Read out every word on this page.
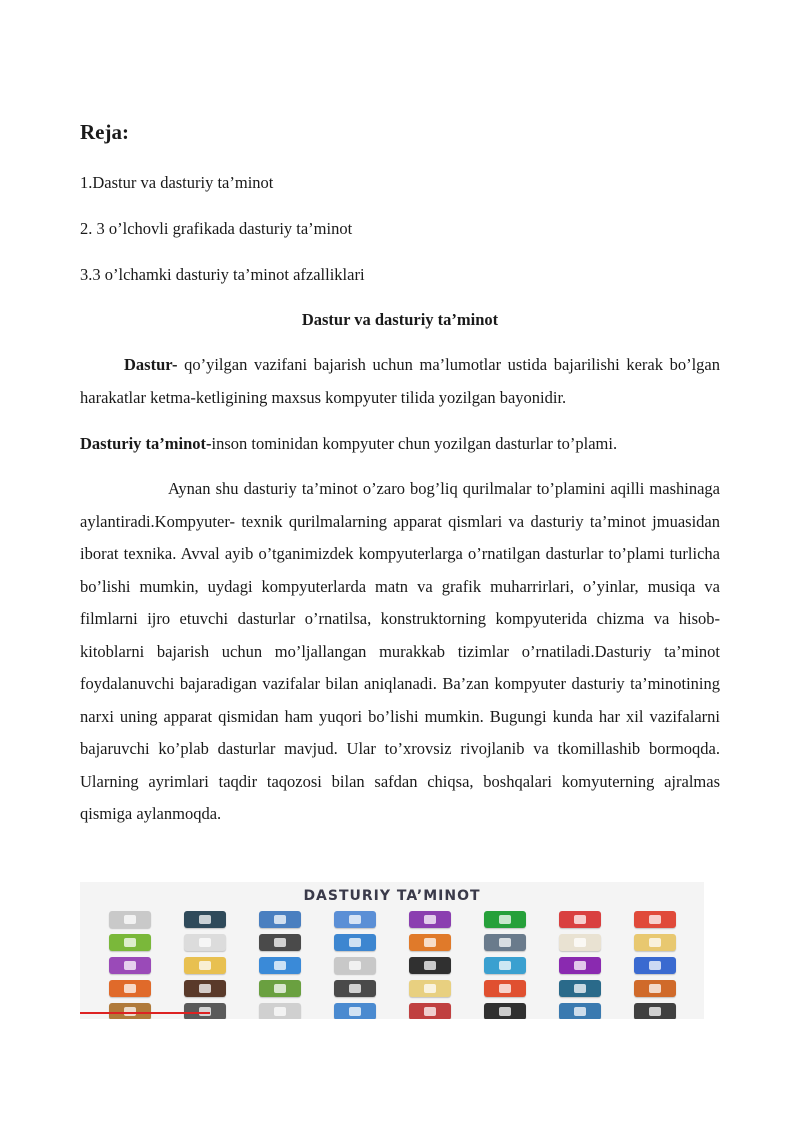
Reja:

1.Dastur va dasturiy ta’minot

2. 3 o’lchovli grafikada dasturiy ta’minot

3.3 o’lchamki dasturiy ta’minot afzalliklari

Dastur va dasturiy ta’minot

Dastur- qo’yilgan vazifani bajarish uchun ma’lumotlar ustida bajarilishi kerak bo’lgan harakatlar ketma-ketligining maxsus kompyuter tilida yozilgan bayonidir.

Dasturiy ta’minot-inson tominidan kompyuter chun yozilgan dasturlar to’plami.

Aynan shu dasturiy ta’minot o’zaro bog’liq qurilmalar to’plamini aqilli mashinaga aylantiradi.Kompyuter- texnik qurilmalarning apparat qismlari va dasturiy ta’minot jmuasidan iborat texnika. Avval ayib o’tganimizdek kompyuterlarga o’rnatilgan dasturlar to’plami turlicha bo’lishi mumkin, uydagi kompyuterlarda matn va grafik muharrirlari, o’yinlar, musiqa va filmlarni ijro etuvchi dasturlar o’rnatilsa, konstruktorning kompyuterida chizma va hisob-kitoblarni bajarish uchun mo’ljallangan murakkab tizimlar o’rnatiladi.Dasturiy ta’minot foydalanuvchi bajaradigan vazifalar bilan aniqlanadi. Ba’zan kompyuter dasturiy ta’minotining narxi uning apparat qismidan ham yuqori bo’lishi mumkin. Bugungi kunda har xil vazifalarni bajaruvchi ko’plab dasturlar mavjud. Ular to’xrovsiz rivojlanib va tkomillashib bormoqda. Ularning ayrimlari taqdir taqozosi bilan safdan chiqsa, boshqalari komyuterning ajralmas qismiga aylanmoqda.

DASTURIY TA’MINOT
